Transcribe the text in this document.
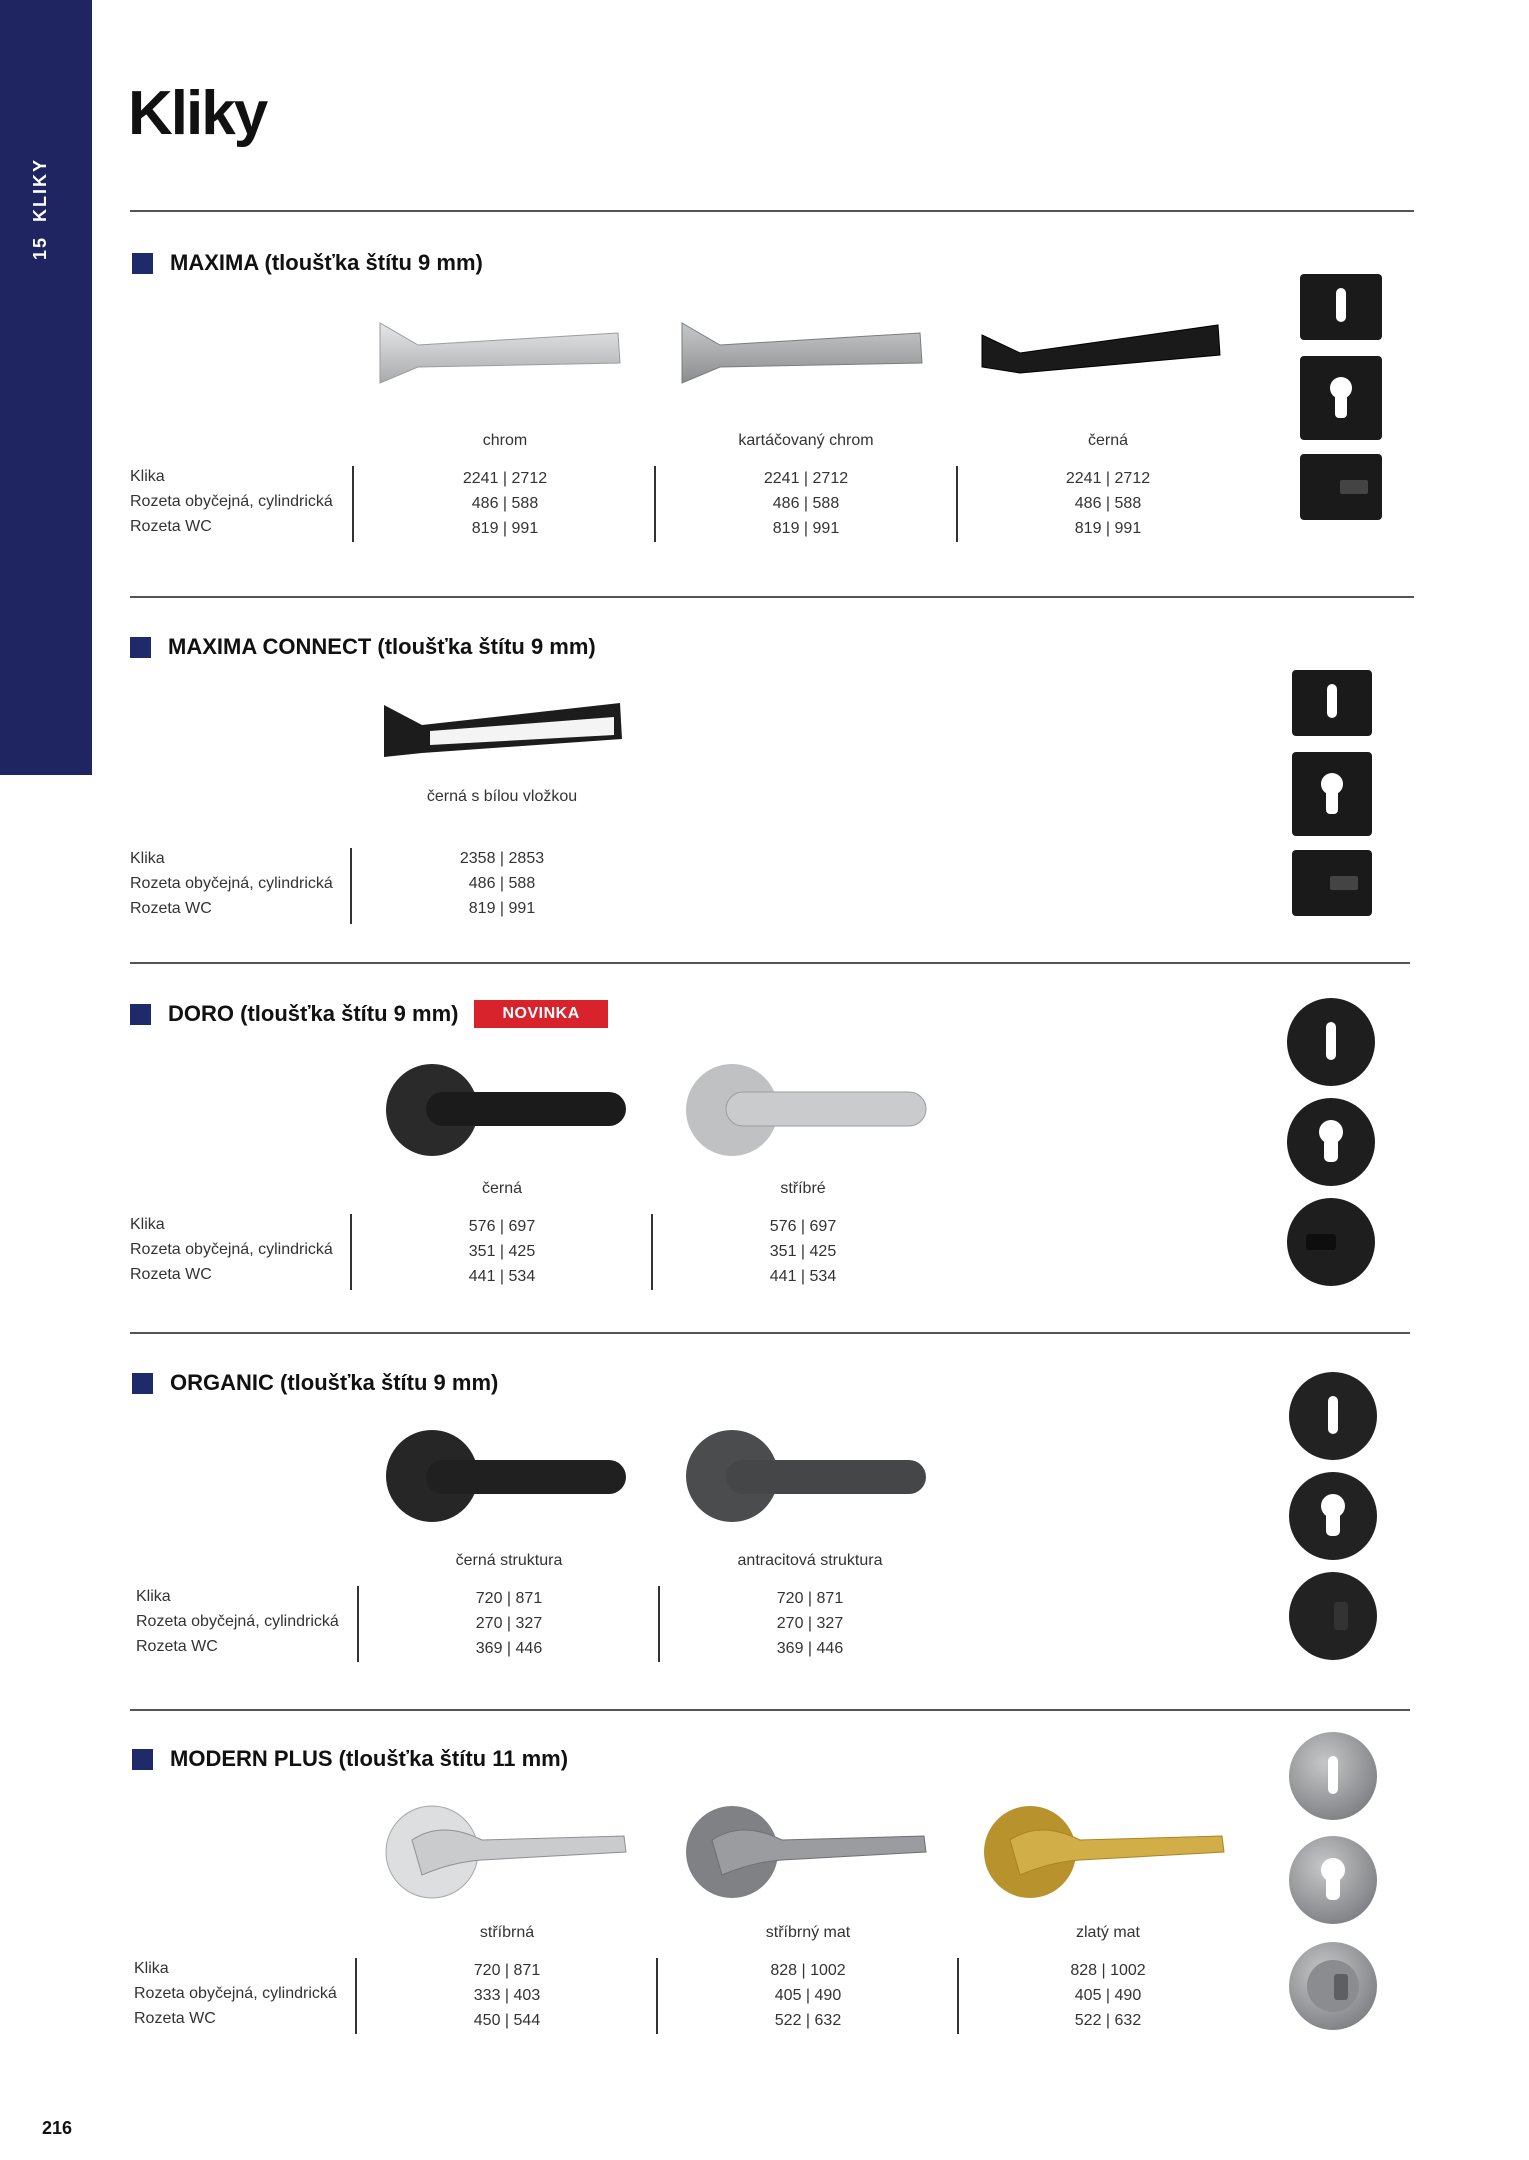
15  KLIKY
Kliky
MAXIMA (tloušťka štítu 9 mm)
Klika
Rozeta obyčejná, cylindrická
Rozeta WC
chrom
2241 | 2712
486 | 588
819 | 991
kartáčovaný chrom
2241 | 2712
486 | 588
819 | 991
černá
2241 | 2712
486 | 588
819 | 991
MAXIMA CONNECT (tloušťka štítu 9 mm)
Klika
Rozeta obyčejná, cylindrická
Rozeta WC
černá s bílou vložkou
2358 | 2853
486 | 588
819 | 991
DORO (tloušťka štítu 9 mm)	NOVINKA
Klika
Rozeta obyčejná, cylindrická
Rozeta WC
černá
576 | 697
351 | 425
441 | 534
stříbré
576 | 697
351 | 425
441 | 534
ORGANIC (tloušťka štítu 9 mm)
Klika
Rozeta obyčejná, cylindrická
Rozeta WC
černá struktura
720 | 871
270 | 327
369 | 446
antracitová struktura
720 | 871
270 | 327
369 | 446
MODERN PLUS (tloušťka štítu 11 mm)
Klika
Rozeta obyčejná, cylindrická
Rozeta WC
stříbrná
720 | 871
333 | 403
450 | 544
stříbrný mat
828 | 1002
405 | 490
522 | 632
zlatý mat
828 | 1002
405 | 490
522 | 632
216
